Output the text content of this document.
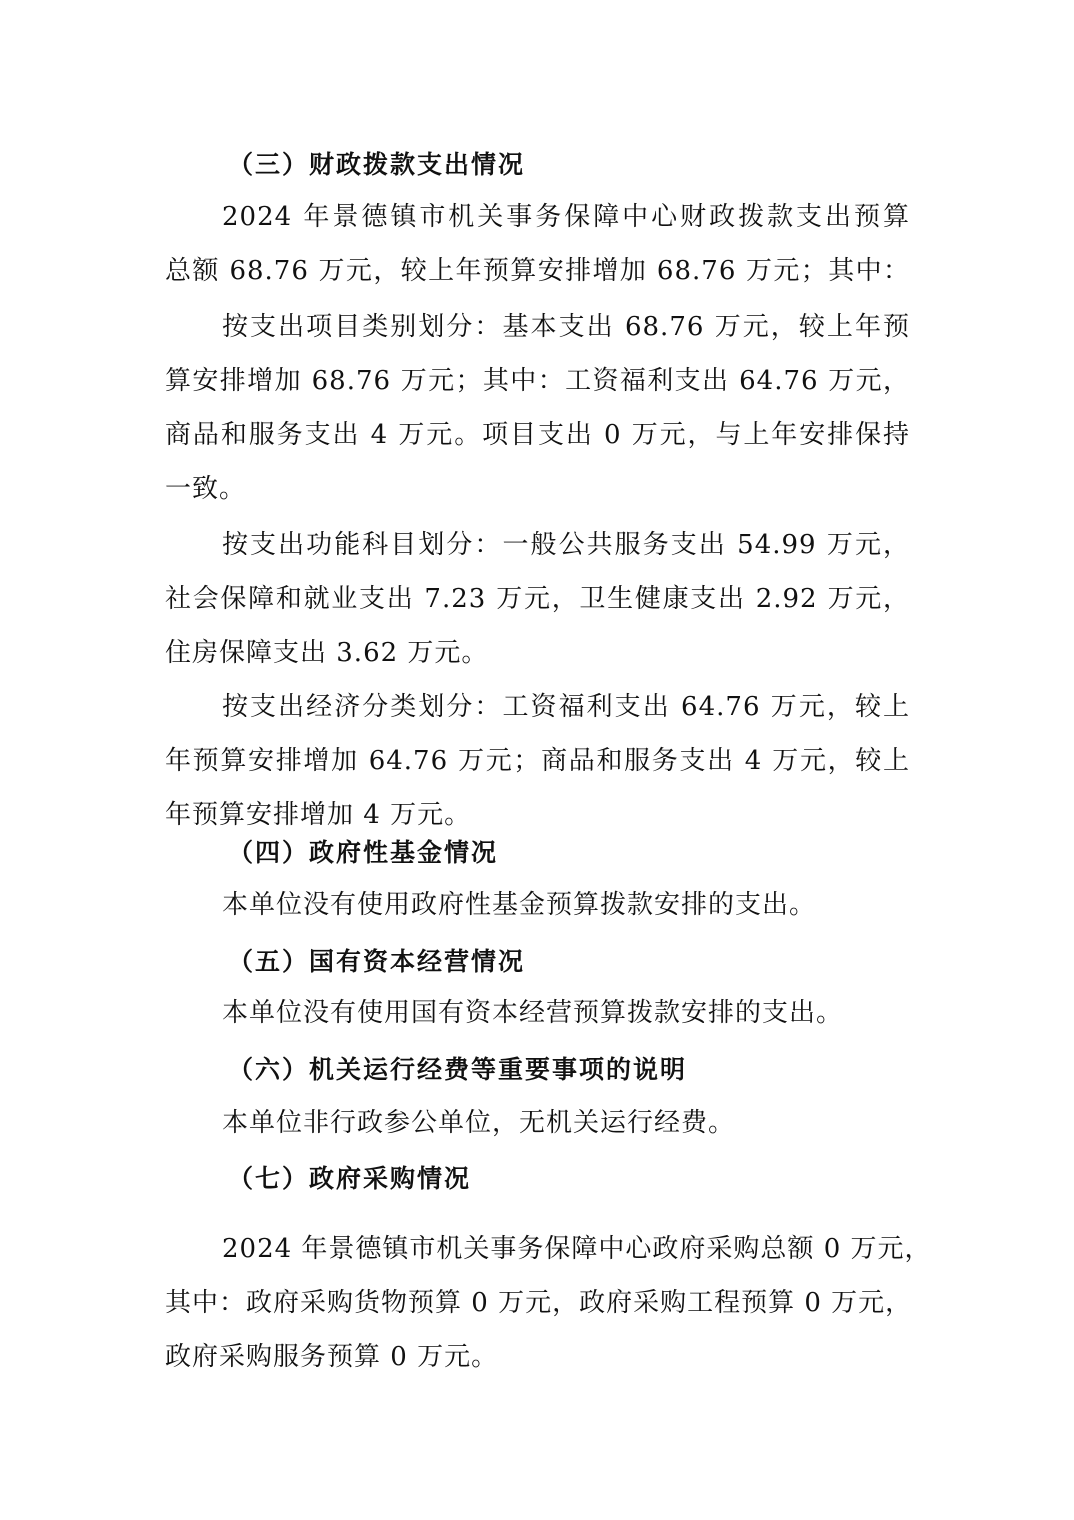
（三）财政拨款支出情况
2024 年景德镇市机关事务保障中心财政拨款支出预算
总额 68.76 万元，较上年预算安排增加 68.76 万元；其中：
按支出项目类别划分：基本支出 68.76 万元，较上年预
算安排增加 68.76 万元；其中：工资福利支出 64.76 万元，
商品和服务支出 4 万元。项目支出 0 万元，与上年安排保持
一致。
按支出功能科目划分：一般公共服务支出 54.99 万元，
社会保障和就业支出 7.23 万元，卫生健康支出 2.92 万元，
住房保障支出 3.62 万元。
按支出经济分类划分：工资福利支出 64.76 万元，较上
年预算安排增加 64.76 万元；商品和服务支出 4 万元，较上
年预算安排增加 4 万元。
（四）政府性基金情况
本单位没有使用政府性基金预算拨款安排的支出。
（五）国有资本经营情况
本单位没有使用国有资本经营预算拨款安排的支出。
（六）机关运行经费等重要事项的说明
本单位非行政参公单位，无机关运行经费。
（七）政府采购情况
2024 年景德镇市机关事务保障中心政府采购总额 0 万元，
其中：政府采购货物预算 0 万元，政府采购工程预算 0 万元，
政府采购服务预算 0 万元。
